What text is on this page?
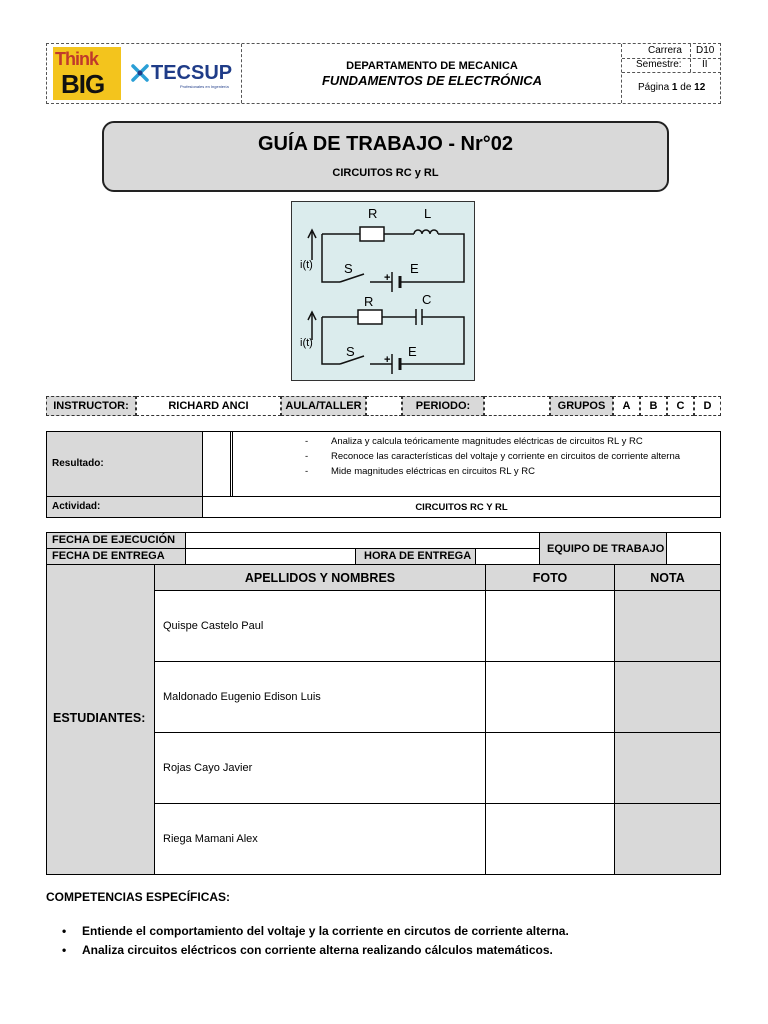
Think
BIG TECSUP
Profesionales en Ingeniería
DEPARTAMENTO DE MECANICA
FUNDAMENTOS DE ELECTRÓNICA
Carrera D10
Semestre: II
Página 1 de 12
GUÍA DE TRABAJO - Nr°02
CIRCUITOS RC y RL
R	L
i(t) S	E
+
R	C
i(t)
S	E
+
INSTRUCTOR:	RICHARD ANCI	AULA/TALLER	PERIODO:	GRUPOS	A	B	C	D
Resultado:
- Analiza y calcula teóricamente magnitudes eléctricas de circuitos RL y RC
- Reconoce las características del voltaje y corriente en circuitos de corriente alterna
- Mide magnitudes eléctricas en circuitos RL y RC
Actividad:	CIRCUITOS RC Y RL
FECHA DE EJECUCIÓN
FECHA DE ENTREGA	HORA DE ENTREGA
EQUIPO DE TRABAJO
ESTUDIANTES:
APELLIDOS Y NOMBRES	FOTO	NOTA
Quispe Castelo Paul
Maldonado Eugenio Edison Luis
Rojas Cayo Javier
Riega Mamani Alex
COMPETENCIAS ESPECÍFICAS:
• Entiende el comportamiento del voltaje y la corriente en circutos de corriente alterna.
• Analiza circuitos eléctricos con corriente alterna realizando cálculos matemáticos.
